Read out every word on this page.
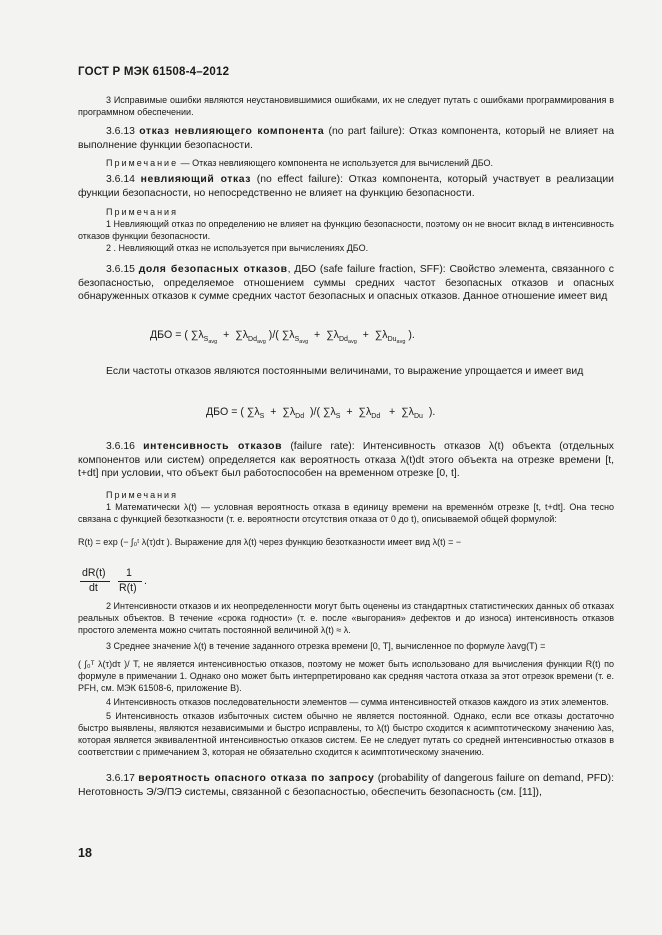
ГОСТ Р МЭК 61508-4–2012

3 Исправимые ошибки являются неустановившимися ошибками, их не следует путать с ошибками программирования в программном обеспечении.

3.6.13 отказ невлияющего компонента (no part failure): Отказ компонента, который не влияет на выполнение функции безопасности.

Примечание — Отказ невлияющего компонента не используется для вычислений ДБО.

3.6.14 невлияющий отказ (no effect failure): Отказ компонента, который участвует в реализации функции безопасности, но непосредственно не влияет на функцию безопасности.

Примечания

1 Невлияющий отказ по определению не влияет на функцию безопасности, поэтому он не вносит вклад в интенсивность отказов функции безопасности.

2 . Невлияющий отказ не используется при вычислениях ДБО.

3.6.15 доля безопасных отказов, ДБО (safe failure fraction, SFF): Свойство элемента, связанного с безопасностью, определяемое отношением суммы средних частот безопасных отказов и опасных обнаруженных отказов к сумме средних частот безопасных и опасных отказов. Данное отношение имеет вид

ДБО = ( $\sum\lambda_{S_{avg}} + \sum\lambda_{Dd_{avg}}$ )/( $\sum\lambda_{S_{avg}} + \sum\lambda_{Dd_{avg}} + \sum\lambda_{Du_{avg}}$ ).

Если частоты отказов являются постоянными величинами, то выражение упрощается и имеет вид

ДБО = ( $\sum\lambda_S + \sum\lambda_{Dd}$  )/( $\sum\lambda_S + \sum\lambda_{Dd} + \sum\lambda_{Du}$  ).

3.6.16 интенсивность отказов (failure rate): Интенсивность отказов λ(t) объекта (отдельных компонентов или систем) определяется как вероятность отказа λ(t)dt этого объекта на отрезке времени [t, t+dt] при условии, что объект был работоспособен на временном отрезке [0, t].

Примечания

1 Математически λ(t) — условная вероятность отказа в единицу времени на временно́м отрезке [t, t+dt]. Она тесно связана с функцией безотказности (т. е. вероятности отсутствия отказа от 0 до t), описываемой общей формулой:

R(t) = exp (− ∫₀ᵗ λ(τ)dτ ). Выражение для λ(t) через функцию безотказности имеет вид λ(t) = −

dR(t)
dt
1
R(t)
.

2 Интенсивности отказов и их неопределенности могут быть оценены из стандартных статистических данных об отказах реальных объектов. В течение «срока годности» (т. е. после «выгорания» дефектов и до износа) интенсивность отказов простого элемента можно считать постоянной величиной λ(t) ≈ λ.

3 Среднее значение λ(t) в течение заданного отрезка времени [0, T], вычисленное по формуле λavg(T) =

( ∫₀ᵀ λ(τ)dτ )/ T, не является интенсивностью отказов, поэтому не может быть использовано для вычисления функции R(t) по формуле в примечании 1. Однако оно может быть интерпретировано как средняя частота отказа за этот отрезок времени (т. е. PFH, см. МЭК 61508-6, приложение B).

4 Интенсивность отказов последовательности элементов — сумма интенсивностей отказов каждого из этих элементов.

5 Интенсивность отказов избыточных систем обычно не является постоянной. Однако, если все отказы достаточно быстро выявлены, являются независимыми и быстро исправлены, то λ(t) быстро сходится к асимптотическому значению λas, которая является эквивалентной интенсивностью отказов систем. Ее не следует путать со средней интенсивностью отказов в соответствии с примечанием 3, которая не обязательно сходится к асимптотическому значению.

3.6.17 вероятность опасного отказа по запросу (probability of dangerous failure on demand, PFD): Неготовность Э/Э/ПЭ системы, связанной с безопасностью, обеспечить безопасность (см. [11]),

18
